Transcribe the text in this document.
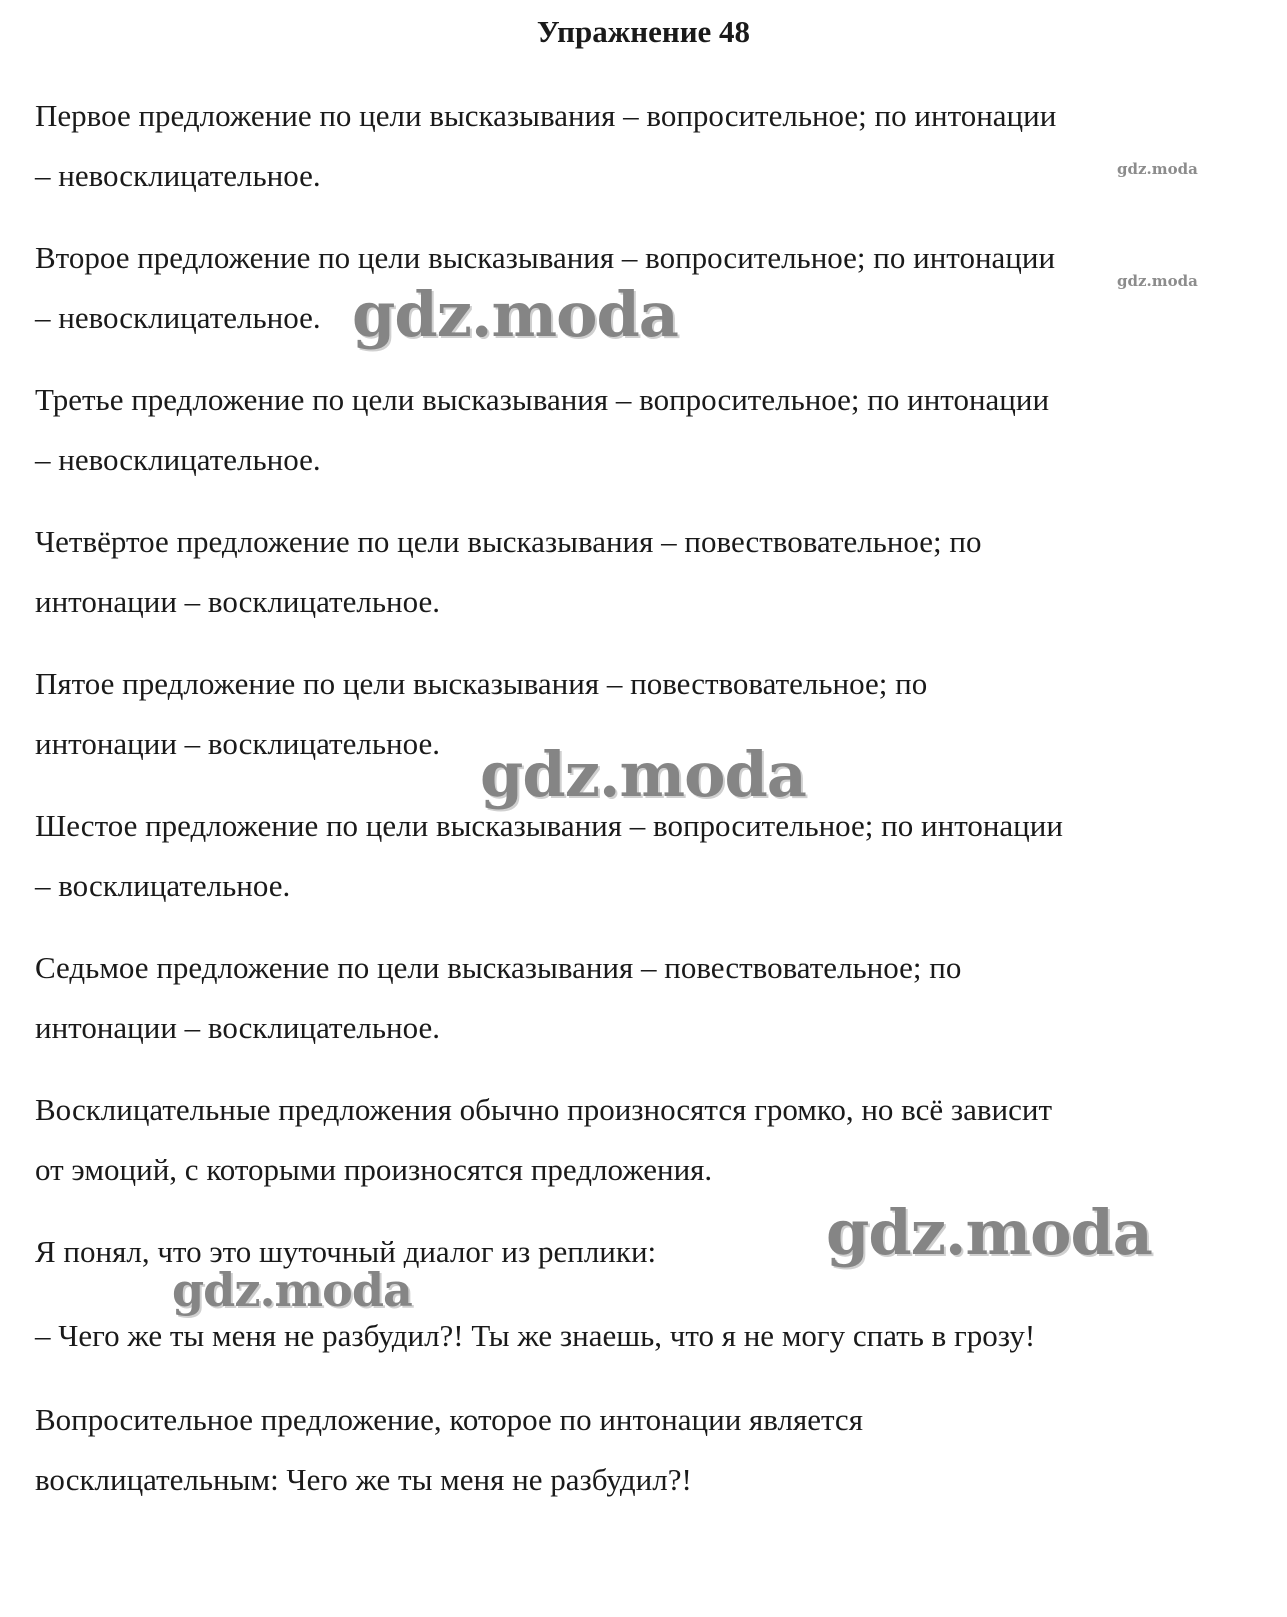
Упражнение 48

Первое предложение по цели высказывания – вопросительное; по интонации
– невосклицательное.

Второе предложение по цели высказывания – вопросительное; по интонации
– невосклицательное.

Третье предложение по цели высказывания – вопросительное; по интонации
– невосклицательное.

Четвёртое предложение по цели высказывания – повествовательное; по
интонации – восклицательное.

Пятое предложение по цели высказывания – повествовательное; по
интонации – восклицательное.

Шестое предложение по цели высказывания – вопросительное; по интонации
– восклицательное.

Седьмое предложение по цели высказывания – повествовательное; по
интонации – восклицательное.

Восклицательные предложения обычно произносятся громко, но всё зависит
от эмоций, с которыми произносятся предложения.

Я понял, что это шуточный диалог из реплики:

– Чего же ты меня не разбудил?! Ты же знаешь, что я не могу спать в грозу!

Вопросительное предложение, которое по интонации является
восклицательным: Чего же ты меня не разбудил?!

gdz.moda
gdz.moda
gdz.moda
gdz.moda
gdz.moda
gdz.moda
